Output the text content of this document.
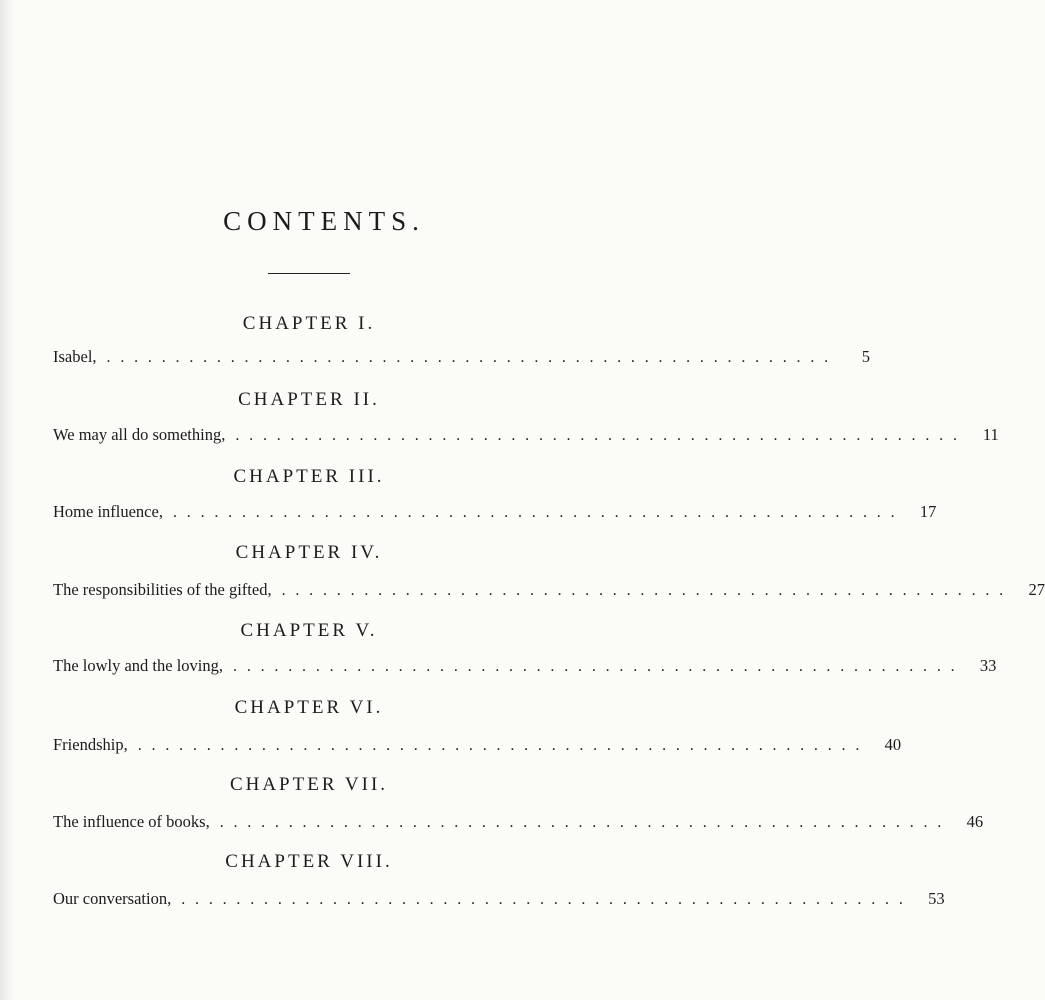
CONTENTS.
CHAPTER I.
Isabel, .....................................................	5
CHAPTER II.
We may all do something, ..................................................... 11
CHAPTER III.
Home influence, ..................................................... 17
CHAPTER IV.
The responsibilities of the gifted, ..................................................... 27
CHAPTER V.
The lowly and the loving, ..................................................... 33
CHAPTER VI.
Friendship, ..................................................... 40
CHAPTER VII.
The influence of books, ..................................................... 46
CHAPTER VIII.
Our conversation, ..................................................... 53
